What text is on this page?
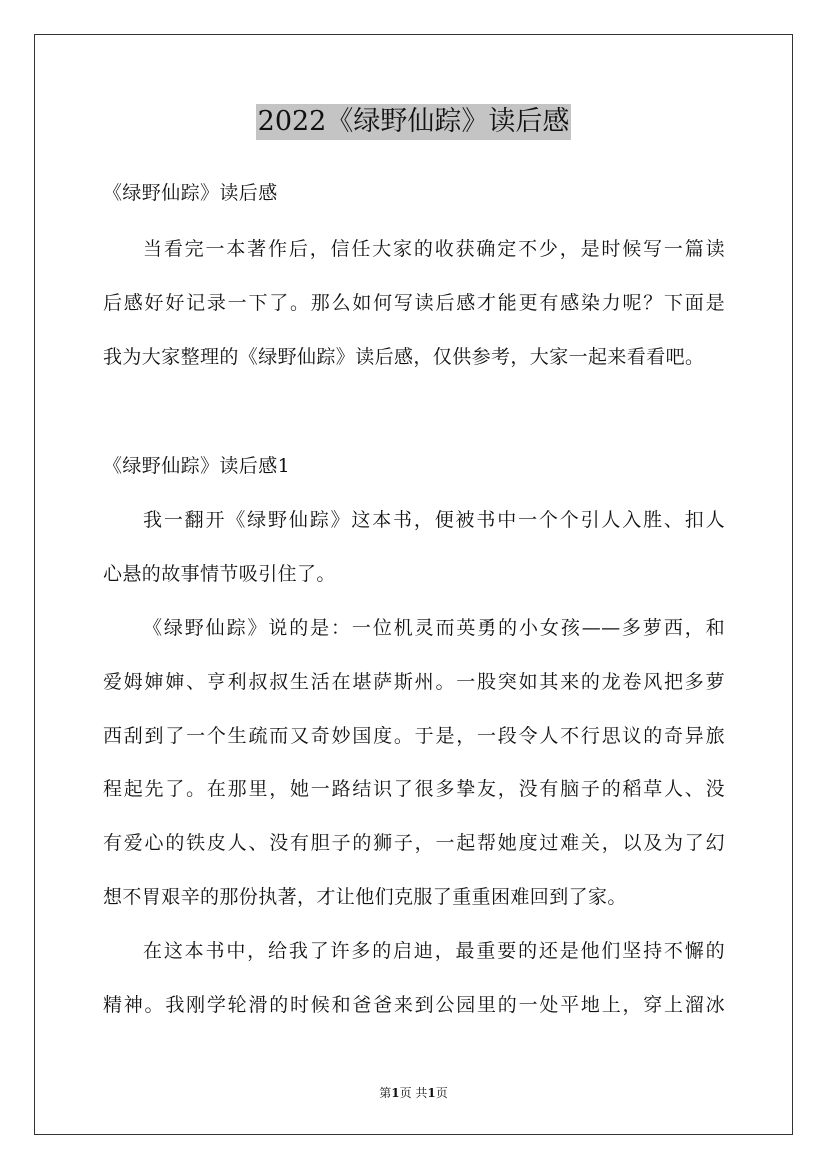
2022《绿野仙踪》读后感
《绿野仙踪》读后感
当看完一本著作后，信任大家的收获确定不少，是时候写一篇读
后感好好记录一下了。那么如何写读后感才能更有感染力呢？下面是
我为大家整理的《绿野仙踪》读后感，仅供参考，大家一起来看看吧。
《绿野仙踪》读后感1
我一翻开《绿野仙踪》这本书，便被书中一个个引人入胜、扣人
心悬的故事情节吸引住了。
《绿野仙踪》说的是：一位机灵而英勇的小女孩——多萝西，和
爱姆婶婶、亨利叔叔生活在堪萨斯州。一股突如其来的龙卷风把多萝
西刮到了一个生疏而又奇妙国度。于是，一段令人不行思议的奇异旅
程起先了。在那里，她一路结识了很多挚友，没有脑子的稻草人、没
有爱心的铁皮人、没有胆子的狮子，一起帮她度过难关，以及为了幻
想不胃艰辛的那份执著，才让他们克服了重重困难回到了家。
在这本书中，给我了许多的启迪，最重要的还是他们坚持不懈的
精神。我刚学轮滑的时候和爸爸来到公园里的一处平地上，穿上溜冰
第1页 共1页
